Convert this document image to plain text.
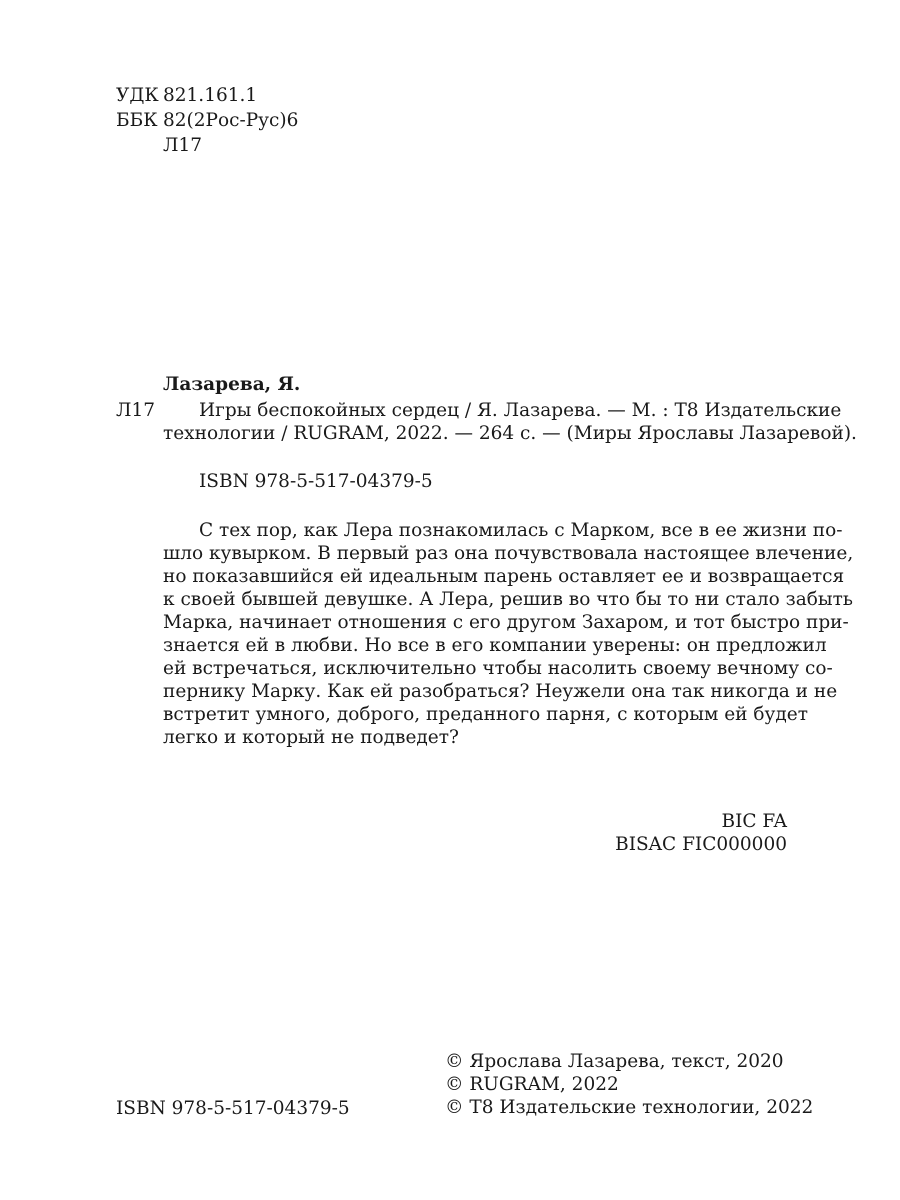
УДК 821.161.1
ББК 82(2Рос-Рус)6
Л17
Лазарева, Я.
Л17	Игры беспокойных сердец / Я. Лазарева. — М. : Т8 Издательские
технологии / RUGRAM, 2022. — 264 с. — (Миры Ярославы Лазаревой).

ISBN 978-5-517-04379-5

С тех пор, как Лера познакомилась с Марком, все в ее жизни по-
шло кувырком. В первый раз она почувствовала настоящее влечение,
но показавшийся ей идеальным парень оставляет ее и возвращается
к своей бывшей девушке. А Лера, решив во что бы то ни стало забыть
Марка, начинает отношения с его другом Захаром, и тот быстро при-
знается ей в любви. Но все в его компании уверены: он предложил
ей встречаться, исключительно чтобы насолить своему вечному со-
пернику Марку. Как ей разобраться? Неужели она так никогда и не
встретит умного, доброго, преданного парня, с которым ей будет
легко и который не подведет?

BIC FA
BISAC FIC000000
© Ярослава Лазарева, текст, 2020
© RUGRAM, 2022
© Т8 Издательские технологии, 2022
ISBN 978-5-517-04379-5
